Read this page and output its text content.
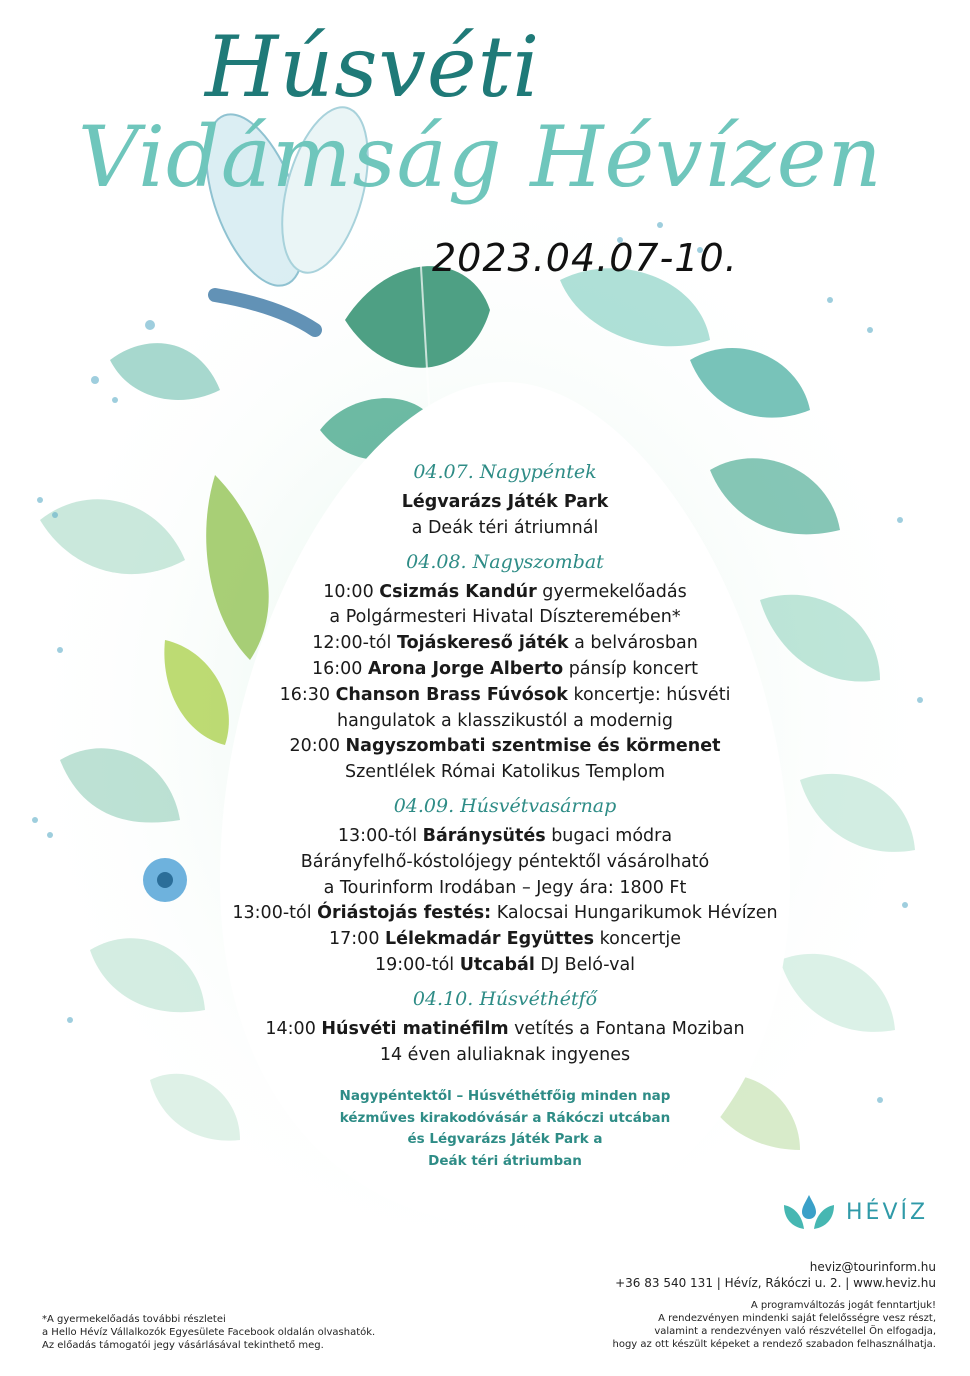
Húsvéti
Vidámság Hévízen
2023.04.07-10.
04.07. Nagypéntek
Légvarázs Játék Park
a Deák téri átriumnál
04.08. Nagyszombat
10:00 Csizmás Kandúr gyermekelőadás
a Polgármesteri Hivatal Díszteremében*
12:00-tól Tojáskereső játék a belvárosban
16:00 Arona Jorge Alberto pánsíp koncert
16:30 Chanson Brass Fúvósok koncertje: húsvéti
hangulatok a klasszikustól a modernig
20:00 Nagyszombati szentmise és körmenet
Szentlélek Római Katolikus Templom
04.09. Húsvétvasárnap
13:00-tól Báránysütés bugaci módra
Bárányfelhő-kóstolójegy péntektől vásárolható
a Tourinform Irodában – Jegy ára: 1800 Ft
13:00-tól Óriástojás festés: Kalocsai Hungarikumok Hévízen
17:00 Lélekmadár Együttes koncertje
19:00-tól Utcabál DJ Beló-val
04.10. Húsvéthétfő
14:00 Húsvéti matinéfilm vetítés a Fontana Moziban
14 éven aluliaknak ingyenes
Nagypéntektől – Húsvéthétfőig minden nap
kézműves kirakodóvásár a Rákóczi utcában
és Légvarázs Játék Park a
Deák téri átriumban
HÉVÍZ
heviz@tourinform.hu
+36 83 540 131 | Hévíz, Rákóczi u. 2. | www.heviz.hu
*A gyermekelőadás további részletei
a Hello Hévíz Vállalkozók Egyesülete Facebook oldalán olvashatók.
Az előadás támogatói jegy vásárlásával tekinthető meg.
A programváltozás jogát fenntartjuk!
A rendezvényen mindenki saját felelősségre vesz részt,
valamint a rendezvényen való részvétellel Ön elfogadja,
hogy az ott készült képeket a rendező szabadon felhasználhatja.
